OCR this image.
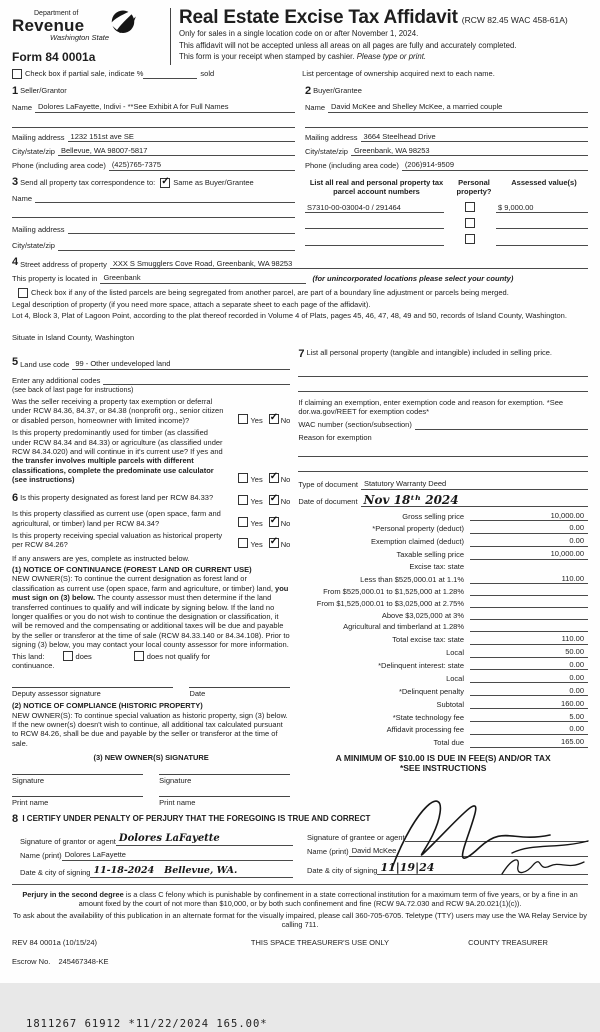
Department of
Revenue
Washington State
Form 84 0001a
Real Estate Excise Tax Affidavit (RCW 82.45 WAC 458-61A)
Only for sales in a single location code on or after November 1, 2024.
This affidavit will not be accepted unless all areas on all pages are fully and accurately completed.
This form is your receipt when stamped by cashier. Please type or print.
Check box if partial sale, indicate %	sold	List percentage of ownership acquired next to each name.
1 Seller/Grantor
Name Dolores LaFayette, Indivi - **See Exhibit A for Full Names
Mailing address 1232 151st ave SE
City/state/zip Bellevue, WA 98007-5817
Phone (including area code) (425)765-7375
2 Buyer/Grantee
Name David McKee and Shelley McKee, a married couple
Mailing address 3664 Steelhead Drive
City/state/zip Greenbank, WA 98253
Phone (including area code) (206)914-9509
3 Send all property tax correspondence to: ✓ Same as Buyer/Grantee
Name
Mailing address
City/state/zip
List all real and personal property tax parcel account numbers
Personal property?
Assessed value(s)
S7310-00-03004-0 / 291464	$ 9,000.00
4 Street address of property XXX S Smugglers Cove Road, Greenbank, WA 98253
This property is located in Greenbank	(for unincorporated locations please select your county)
Check box if any of the listed parcels are being segregated from another parcel, are part of a boundary line adjustment or parcels being merged.
Legal description of property (if you need more space, attach a separate sheet to each page of the affidavit).
Lot 4, Block 3, Plat of Lagoon Point, according to the plat thereof recorded in Volume 4 of Plats, pages 45, 46, 47, 48, 49 and 50, records of Island County, Washington.
Situate in Island County, Washington
5 Land use code 99 - Other undeveloped land
Enter any additional codes
(see back of last page for instructions)
Was the seller receiving a property tax exemption or deferral under RCW 84.36, 84.37, or 84.38 (nonprofit org., senior citizen or disabled person, homeowner with limited income)?	Yes ✓ No
Is this property predominantly used for timber (as classified under RCW 84.34 and 84.33) or agriculture (as classified under RCW 84.34.020) and will continue in it's current use? If yes and the transfer involves multiple parcels with different classifications, complete the predominate use calculator (see instructions)	Yes ✓ No
6 Is this property designated as forest land per RCW 84.33?	Yes ✓ No
Is this property classified as current use (open space, farm and agricultural, or timber) land per RCW 84.34?	Yes ✓ No
Is this property receiving special valuation as historical property per RCW 84.26?	Yes ✓ No
If any answers are yes, complete as instructed below.
(1) NOTICE OF CONTINUANCE (FOREST LAND OR CURRENT USE)
NEW OWNER(S): To continue the current designation as forest land or classification as current use (open space, farm and agriculture, or timber) land, you must sign on (3) below. The county assessor must then determine if the land transferred continues to qualify and will indicate by signing below. If the land no longer qualifies or you do not wish to continue the designation or classification, it will be removed and the compensating or additional taxes will be due and payable by the seller or transferor at the time of sale (RCW 84.33.140 or 84.34.108). Prior to signing (3) below, you may contact your local county assessor for more information.
This land:	does	does not qualify for
continuance.
Deputy assessor signature	Date
(2) NOTICE OF COMPLIANCE (HISTORIC PROPERTY)
NEW OWNER(S): To continue special valuation as historic property, sign (3) below. If the new owner(s) doesn't wish to continue, all additional tax calculated pursuant to RCW 84.26, shall be due and payable by the seller or transferor at the time of sale.
(3) NEW OWNER(S) SIGNATURE
Signature	Signature
Print name	Print name
7 List all personal property (tangible and intangible) included in selling price.
If claiming an exemption, enter exemption code and reason for exemption. *See dor.wa.gov/REET for exemption codes*
WAC number (section/subsection)
Reason for exemption
Type of document Statutory Warranty Deed
Date of document Nov 18ᵗʰ 2024
Gross selling price	10,000.00
*Personal property (deduct)	0.00
Exemption claimed (deduct)	0.00
Taxable selling price	10,000.00
Excise tax: state
Less than $525,000.01 at 1.1%	110.00
From $525,000.01 to $1,525,000 at 1.28%
From $1,525,000.01 to $3,025,000 at 2.75%
Above $3,025,000 at 3%
Agricultural and timberland at 1.28%
Total excise tax: state	110.00
Local	50.00
*Delinquent interest: state	0.00
Local	0.00
*Delinquent penalty	0.00
Subtotal	160.00
*State technology fee	5.00
Affidavit processing fee	0.00
Total due	165.00
A MINIMUM OF $10.00 IS DUE IN FEE(S) AND/OR TAX
*SEE INSTRUCTIONS
8 I CERTIFY UNDER PENALTY OF PERJURY THAT THE FOREGOING IS TRUE AND CORRECT
Signature of grantor or agent Dolores LaFayette
Name (print) Dolores LaFayette
Date & city of signing 11-18-2024 Bellevue, WA.
Signature of grantee or agent
Name (print) David McKee
Date & city of signing 11|19|24
Perjury in the second degree is a class C felony which is punishable by confinement in a state correctional institution for a maximum term of five years, or by a fine in an amount fixed by the court of not more than $10,000, or by both such confinement and fine (RCW 9A.72.030 and RCW 9A.20.021(1)(c)).
To ask about the availability of this publication in an alternate format for the visually impaired, please call 360-705-6705. Teletype (TTY) users may use the WA Relay Service by calling 711.
REV 84 0001a (10/15/24)	THIS SPACE TREASURER'S USE ONLY	COUNTY TREASURER
Escrow No. 245467348-KE
1811267 61912 *11/22/2024 165.00*
